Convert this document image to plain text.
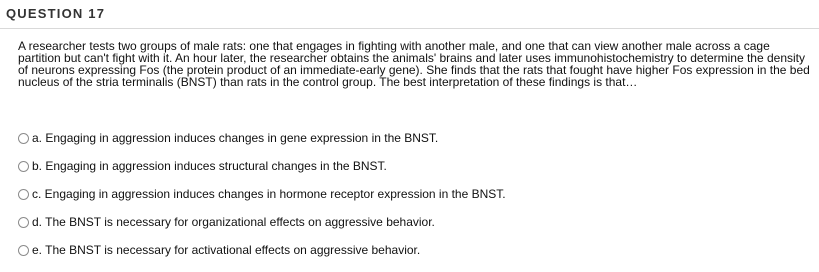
QUESTION 17
A researcher tests two groups of male rats: one that engages in fighting with another male, and one that can view another male across a cage partition but can't fight with it. An hour later, the researcher obtains the animals' brains and later uses immunohistochemistry to determine the density of neurons expressing Fos (the protein product of an immediate-early gene). She finds that the rats that fought have higher Fos expression in the bed nucleus of the stria terminalis (BNST) than rats in the control group. The best interpretation of these findings is that…
a. Engaging in aggression induces changes in gene expression in the BNST.
b. Engaging in aggression induces structural changes in the BNST.
c. Engaging in aggression induces changes in hormone receptor expression in the BNST.
d. The BNST is necessary for organizational effects on aggressive behavior.
e. The BNST is necessary for activational effects on aggressive behavior.
